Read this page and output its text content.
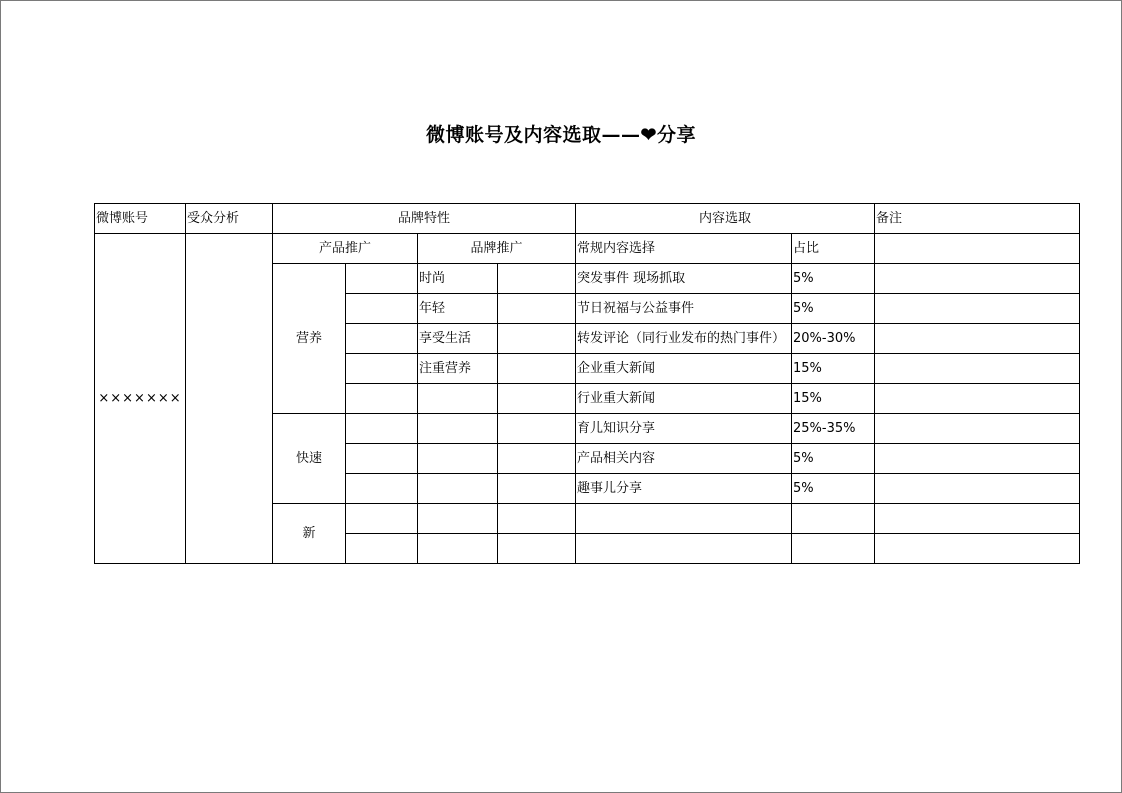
微博账号及内容选取——❤分享
微博账号	受众分析	品牌特性				内容选取		备注
×××××××		产品推广		品牌推广		常规内容选择	占比	
		营养		时尚		突发事件 现场抓取	5%	
				年轻		节日祝福与公益事件	5%	
				享受生活		转发评论（同行业发布的热门事件）	20%-30%	
				注重营养		企业重大新闻	15%	
						行业重大新闻	15%	
		快速				育儿知识分享	25%-35%	
						产品相关内容	5%	
						趣事儿分享	5%	
		新						
